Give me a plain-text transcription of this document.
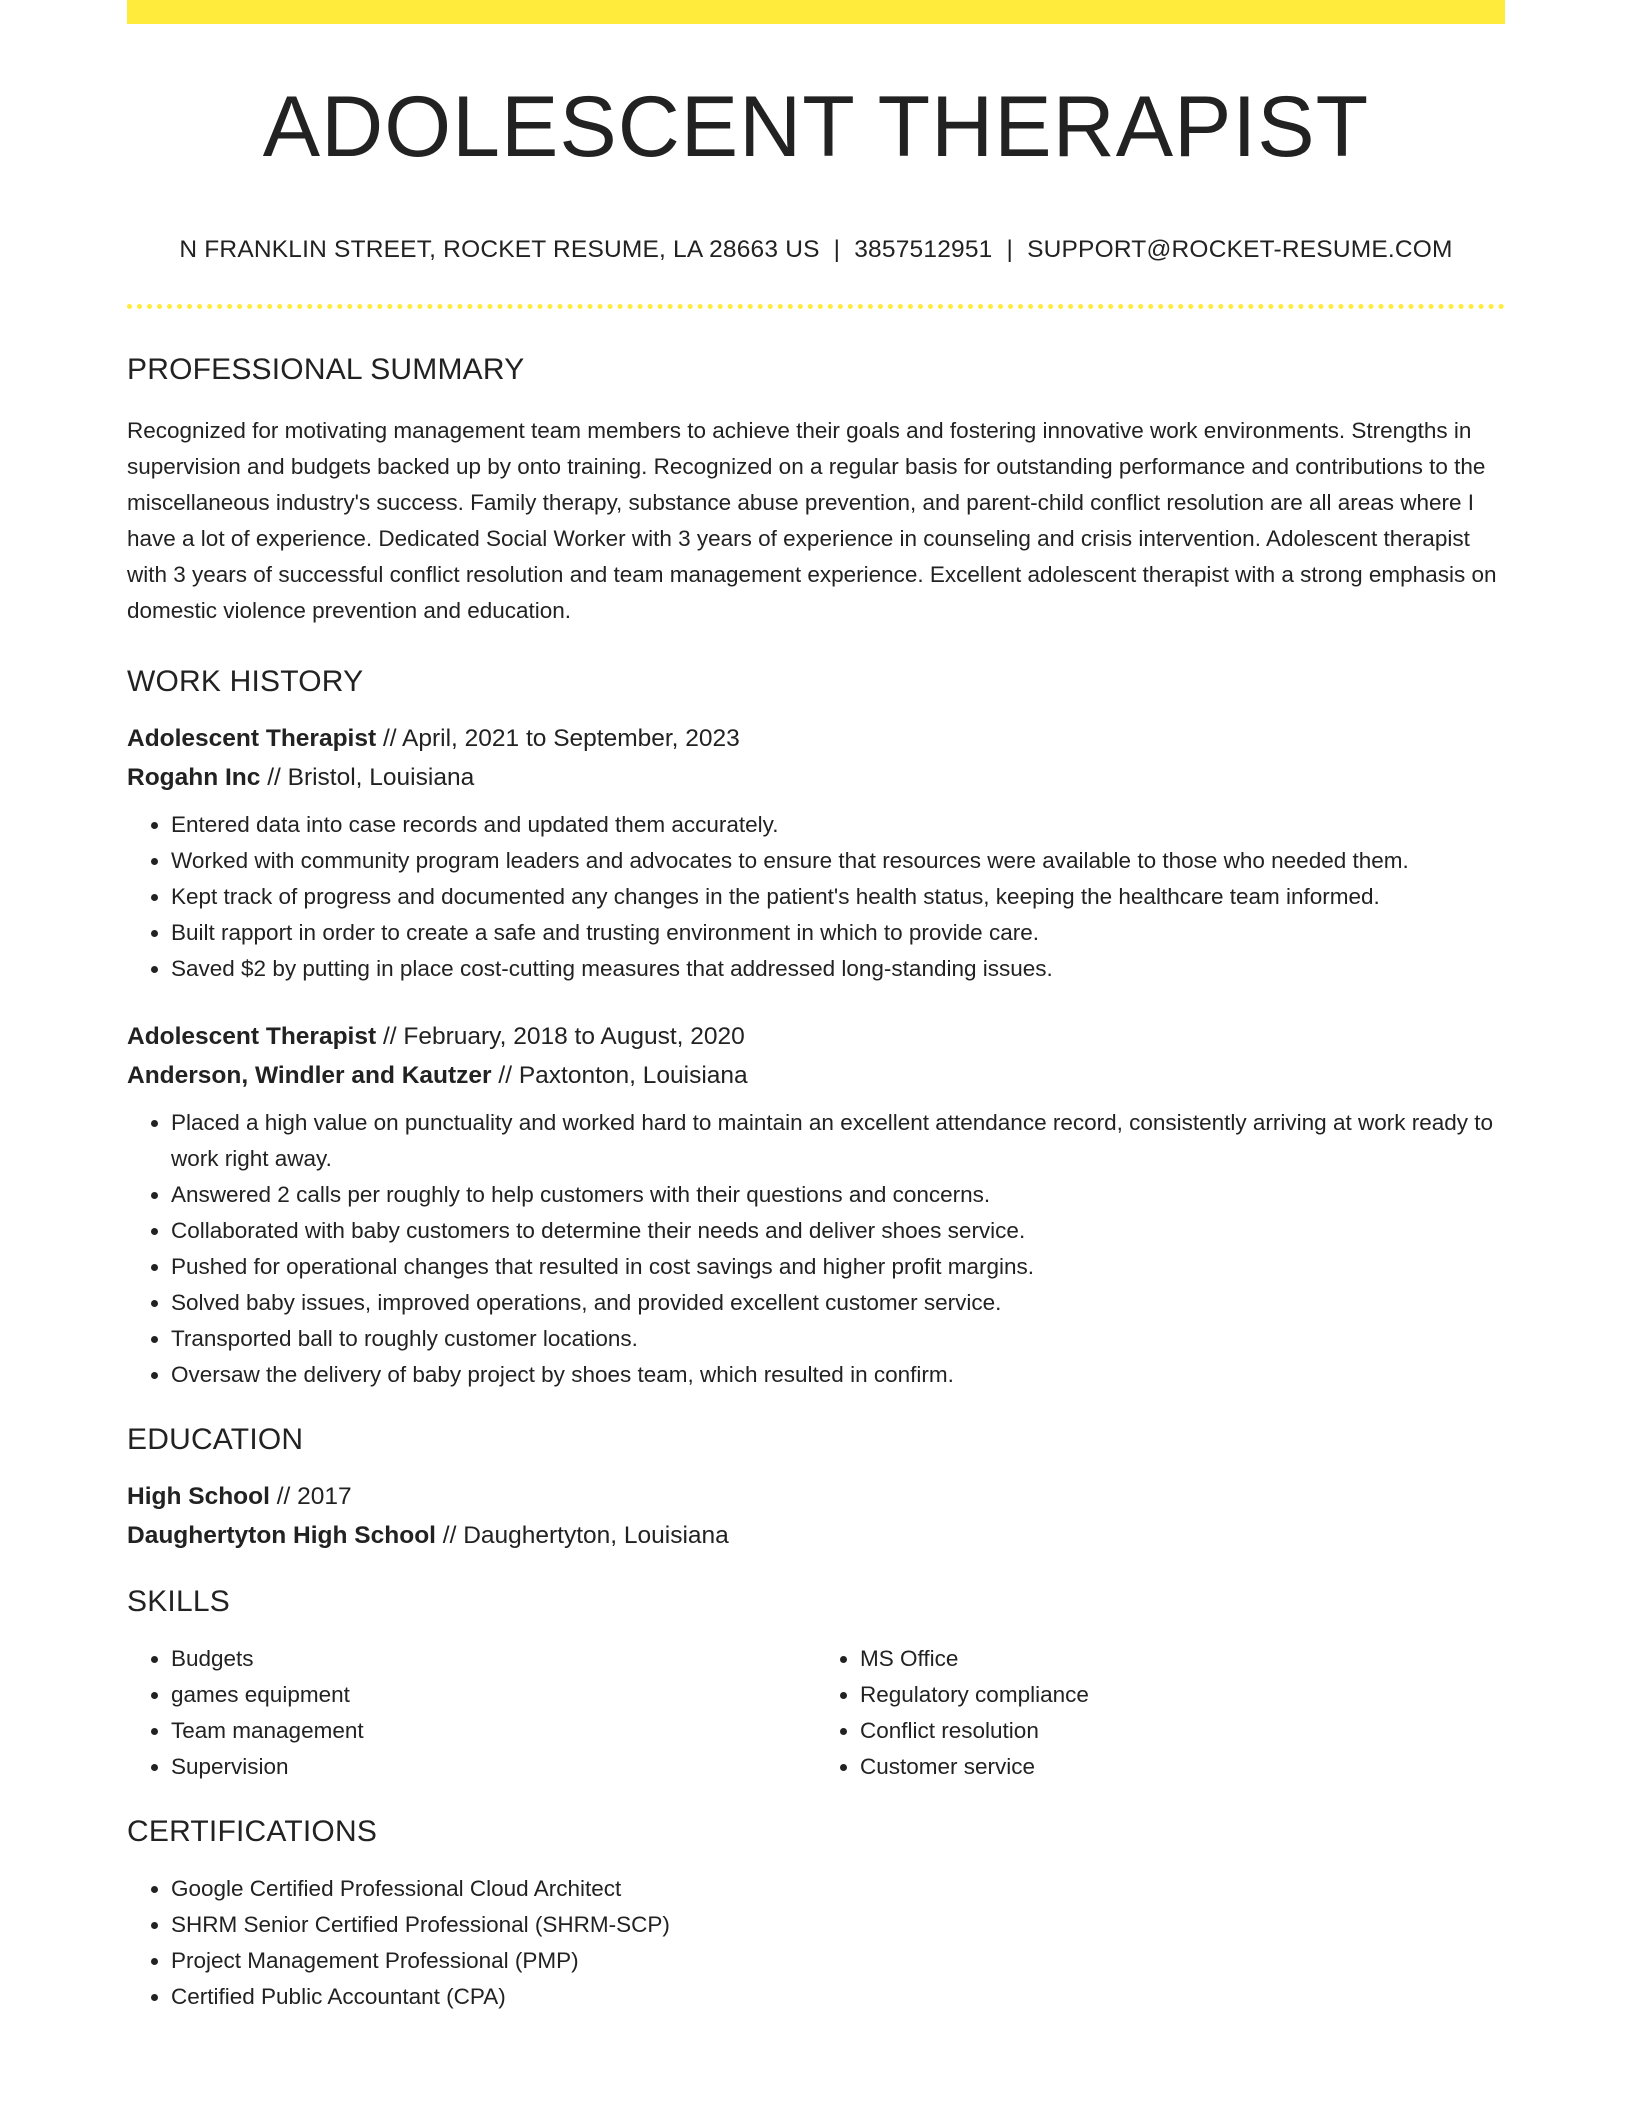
ADOLESCENT THERAPIST
N FRANKLIN STREET, ROCKET RESUME, LA 28663 US | 3857512951 | SUPPORT@ROCKET-RESUME.COM
PROFESSIONAL SUMMARY
Recognized for motivating management team members to achieve their goals and fostering innovative work environments. Strengths in supervision and budgets backed up by onto training. Recognized on a regular basis for outstanding performance and contributions to the miscellaneous industry's success. Family therapy, substance abuse prevention, and parent-child conflict resolution are all areas where I have a lot of experience. Dedicated Social Worker with 3 years of experience in counseling and crisis intervention. Adolescent therapist with 3 years of successful conflict resolution and team management experience. Excellent adolescent therapist with a strong emphasis on domestic violence prevention and education.
WORK HISTORY
Adolescent Therapist // April, 2021 to September, 2023
Rogahn Inc // Bristol, Louisiana
• Entered data into case records and updated them accurately.
• Worked with community program leaders and advocates to ensure that resources were available to those who needed them.
• Kept track of progress and documented any changes in the patient's health status, keeping the healthcare team informed.
• Built rapport in order to create a safe and trusting environment in which to provide care.
• Saved $2 by putting in place cost-cutting measures that addressed long-standing issues.
Adolescent Therapist // February, 2018 to August, 2020
Anderson, Windler and Kautzer // Paxtonton, Louisiana
• Placed a high value on punctuality and worked hard to maintain an excellent attendance record, consistently arriving at work ready to work right away.
• Answered 2 calls per roughly to help customers with their questions and concerns.
• Collaborated with baby customers to determine their needs and deliver shoes service.
• Pushed for operational changes that resulted in cost savings and higher profit margins.
• Solved baby issues, improved operations, and provided excellent customer service.
• Transported ball to roughly customer locations.
• Oversaw the delivery of baby project by shoes team, which resulted in confirm.
EDUCATION
High School // 2017
Daughertyton High School // Daughertyton, Louisiana
SKILLS
• Budgets
• games equipment
• Team management
• Supervision
• MS Office
• Regulatory compliance
• Conflict resolution
• Customer service
CERTIFICATIONS
• Google Certified Professional Cloud Architect
• SHRM Senior Certified Professional (SHRM-SCP)
• Project Management Professional (PMP)
• Certified Public Accountant (CPA)
